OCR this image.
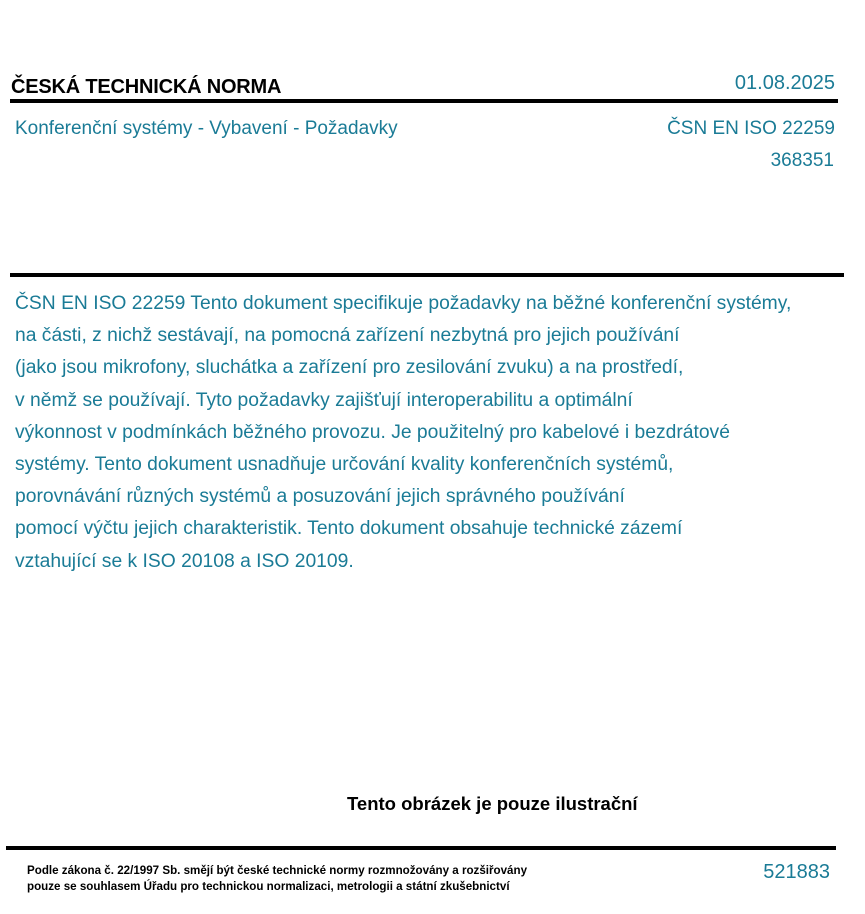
ČESKÁ TECHNICKÁ NORMA	01.08.2025
Konferenční systémy - Vybavení - Požadavky	ČSN EN ISO 22259
368351
ČSN EN ISO 22259 Tento dokument specifikuje požadavky na běžné konferenční systémy,
na části, z nichž sestávají, na pomocná zařízení nezbytná pro jejich používání
(jako jsou mikrofony, sluchátka a zařízení pro zesilování zvuku) a na prostředí,
v němž se používají. Tyto požadavky zajišťují interoperabilitu a optimální
výkonnost v podmínkách běžného provozu. Je použitelný pro kabelové i bezdrátové
systémy. Tento dokument usnadňuje určování kvality konferenčních systémů,
porovnávání různých systémů a posuzování jejich správného používání
pomocí výčtu jejich charakteristik. Tento dokument obsahuje technické zázemí
vztahující se k ISO 20108 a ISO 20109.
Tento obrázek je pouze ilustrační
Podle zákona č. 22/1997 Sb. smějí být české technické normy rozmnožovány a rozšiřovány
pouze se souhlasem Úřadu pro technickou normalizaci, metrologii a státní zkušebnictví
521883
